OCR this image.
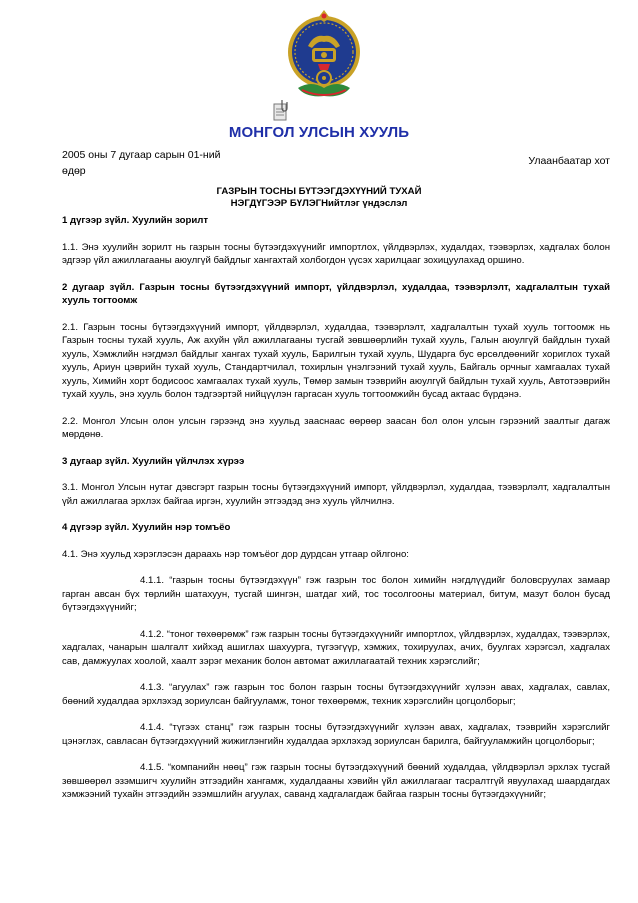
МОНГОЛ УЛСЫН ХУУЛЬ
2005 оны 7 дугаар сарын 01-ний өдөр
Улаанбаатар хот
ГАЗРЫН ТОСНЫ БҮТЭЭГДЭХҮҮНИЙ ТУХАЙ
НЭГДҮГЭЭР БҮЛЭГНийтлэг үндэслэл

1 дүгээр зүйл. Хуулийн зорилт

1.1. Энэ хуулийн зорилт нь газрын тосны бүтээгдэхүүнийг импортлох, үйлдвэрлэх, худалдах, тээвэрлэх, хадгалах болон эдгээр үйл ажиллагааны аюулгүй байдлыг хангахтай холбогдон үүсэх харилцааг зохицуулахад оршино.

2 дугаар зүйл. Газрын тосны бүтээгдэхүүний импорт, үйлдвэрлэл, худалдаа, тээвэрлэлт, хадгалалтын тухай хууль тогтоомж

2.1. Газрын тосны бүтээгдэхүүний импорт, үйлдвэрлэл, худалдаа, тээвэрлэлт, хадгалалтын тухай хууль тогтоомж нь Газрын тосны тухай хууль, Аж ахуйн үйл ажиллагааны тусгай зөвшөөрлийн тухай хууль, Галын аюулгүй байдлын тухай хууль, Хэмжлийн нэгдмэл байдлыг хангах тухай хууль, Барилгын тухай хууль, Шударга бус өрсөлдөөнийг хориглох тухай хууль, Ариун цэврийн тухай хууль, Стандартчилал, тохирлын үнэлгээний тухай хууль, Байгаль орчныг хамгаалах тухай хууль, Химийн хорт бодисоос хамгаалах тухай хууль, Төмөр замын тээврийн аюулгүй байдлын тухай хууль, Автотээврийн тухай хууль, энэ хууль болон тэдгээртэй нийцүүлэн гаргасан хууль тогтоомжийн бусад актаас бүрдэнэ.

2.2. Монгол Улсын олон улсын гэрээнд энэ хуульд зааснаас өөрөөр заасан бол олон улсын гэрээний заалтыг дагаж мөрдөнө.

3 дугаар зүйл. Хуулийн үйлчлэх хүрээ

3.1. Монгол Улсын нутаг дэвсгэрт газрын тосны бүтээгдэхүүний импорт, үйлдвэрлэл, худалдаа, тээвэрлэлт, хадгалалтын үйл ажиллагаа эрхлэх байгаа иргэн, хуулийн этгээдэд энэ хууль үйлчилнэ.

4 дүгээр зүйл. Хуулийн нэр томъёо

4.1. Энэ хуульд хэрэглэсэн дараахь нэр томъёог дор дурдсан утгаар ойлгоно:

4.1.1. “газрын тосны бүтээгдэхүүн” гэж газрын тос болон химийн нэгдлүүдийг боловсруулах замаар гарган авсан бүх төрлийн шатахуун, тусгай шингэн, шатдаг хий, тос тосолгооны материал, битум, мазут болон бусад бүтээгдэхүүнийг;

4.1.2. “тоног төхөөрөмж” гэж газрын тосны бүтээгдэхүүнийг импортлох, үйлдвэрлэх, худалдах, тээвэрлэх, хадгалах, чанарын шалгалт хийхэд ашиглах шахуурга, түгээгүүр, хэмжих, тохируулах, ачих, буулгах хэрэгсэл, хадгалах сав, дамжуулах хоолой, хаалт зэрэг механик болон автомат ажиллагаатай техник хэрэгслийг;

4.1.3. “агуулах” гэж газрын тос болон газрын тосны бүтээгдэхүүнийг хүлээн авах, хадгалах, савлах, бөөний худалдаа эрхлэхэд зориулсан байгууламж, тоног төхөөрөмж, техник хэрэгслийн цогцолборыг;

4.1.4. “түгээх станц” гэж газрын тосны бүтээгдэхүүнийг хүлээн авах, хадгалах, тээврийн хэрэгслийг цэнэглэх, савласан бүтээгдэхүүний жижиглэнгийн худалдаа эрхлэхэд зориулсан барилга, байгууламжийн цогцолборыг;

4.1.5. “компанийн нөөц” гэж газрын тосны бүтээгдэхүүний бөөний худалдаа, үйлдвэрлэл эрхлэх тусгай зөвшөөрөл эзэмшигч хуулийн этгээдийн хангамж, худалдааны хэвийн үйл ажиллагааг тасралтгүй явуулахад шаардагдах хэмжээний тухайн этгээдийн эзэмшлийн агуулах, саванд хадгалагдаж байгаа газрын тосны бүтээгдэхүүнийг;
